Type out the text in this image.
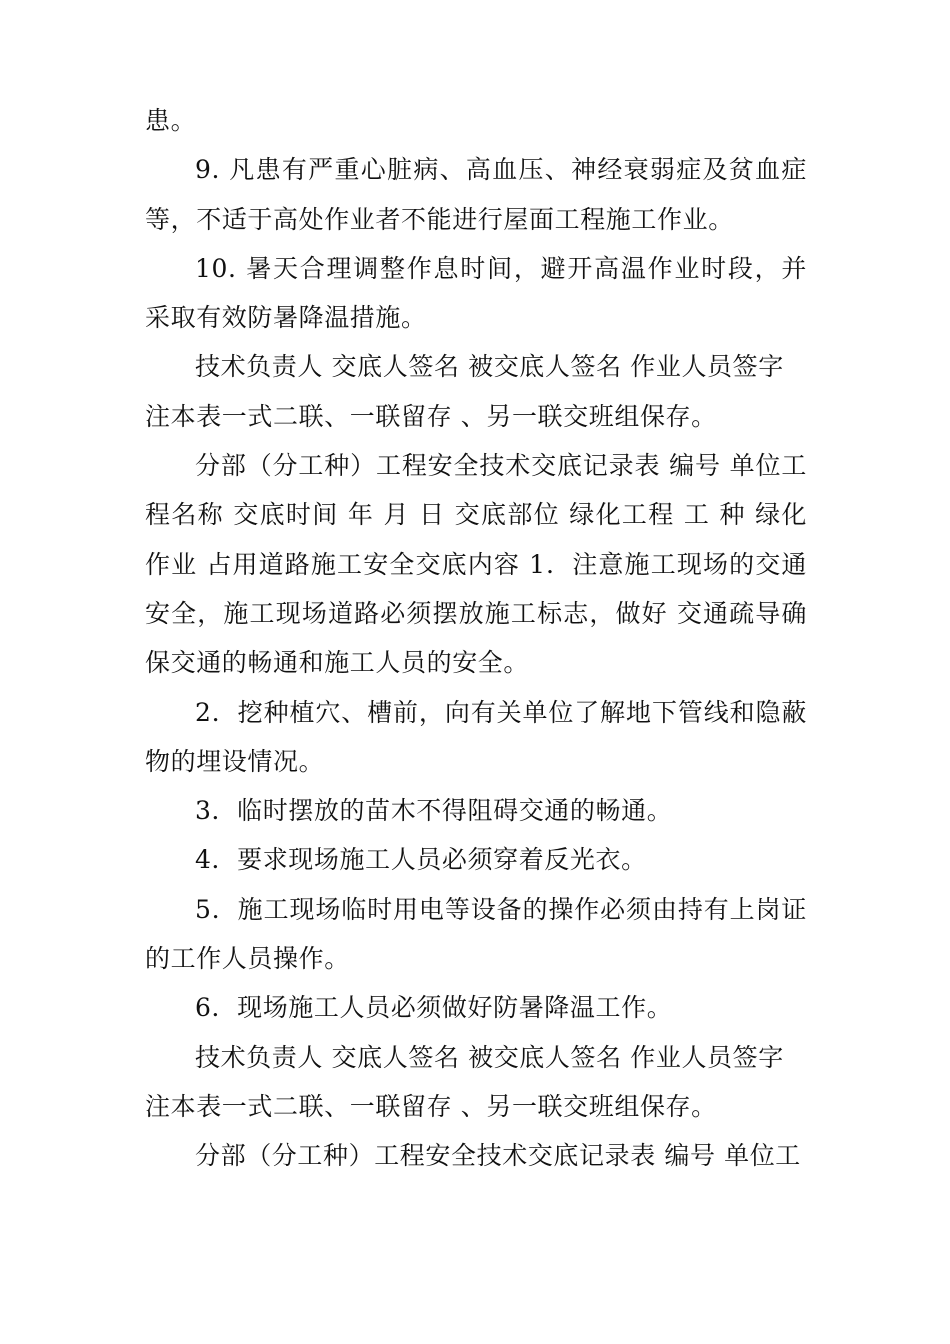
患。

9. 凡患有严重心脏病、高血压、神经衰弱症及贫血症等，不适于高处作业者不能进行屋面工程施工作业。

10. 暑天合理调整作息时间，避开高温作业时段，并采取有效防暑降温措施。

技术负责人 交底人签名 被交底人签名 作业人员签字

注本表一式二联、一联留存 、另一联交班组保存。

分部（分工种）工程安全技术交底记录表 编号 单位工程名称 交底时间 年 月 日 交底部位 绿化工程 工 种 绿化作业 占用道路施工安全交底内容 1．注意施工现场的交通安全，施工现场道路必须摆放施工标志，做好 交通疏导确保交通的畅通和施工人员的安全。

2．挖种植穴、槽前，向有关单位了解地下管线和隐蔽物的埋设情况。

3．临时摆放的苗木不得阻碍交通的畅通。

4．要求现场施工人员必须穿着反光衣。

5．施工现场临时用电等设备的操作必须由持有上岗证的工作人员操作。

6．现场施工人员必须做好防暑降温工作。

技术负责人 交底人签名 被交底人签名 作业人员签字

注本表一式二联、一联留存 、另一联交班组保存。

分部（分工种）工程安全技术交底记录表 编号 单位工
